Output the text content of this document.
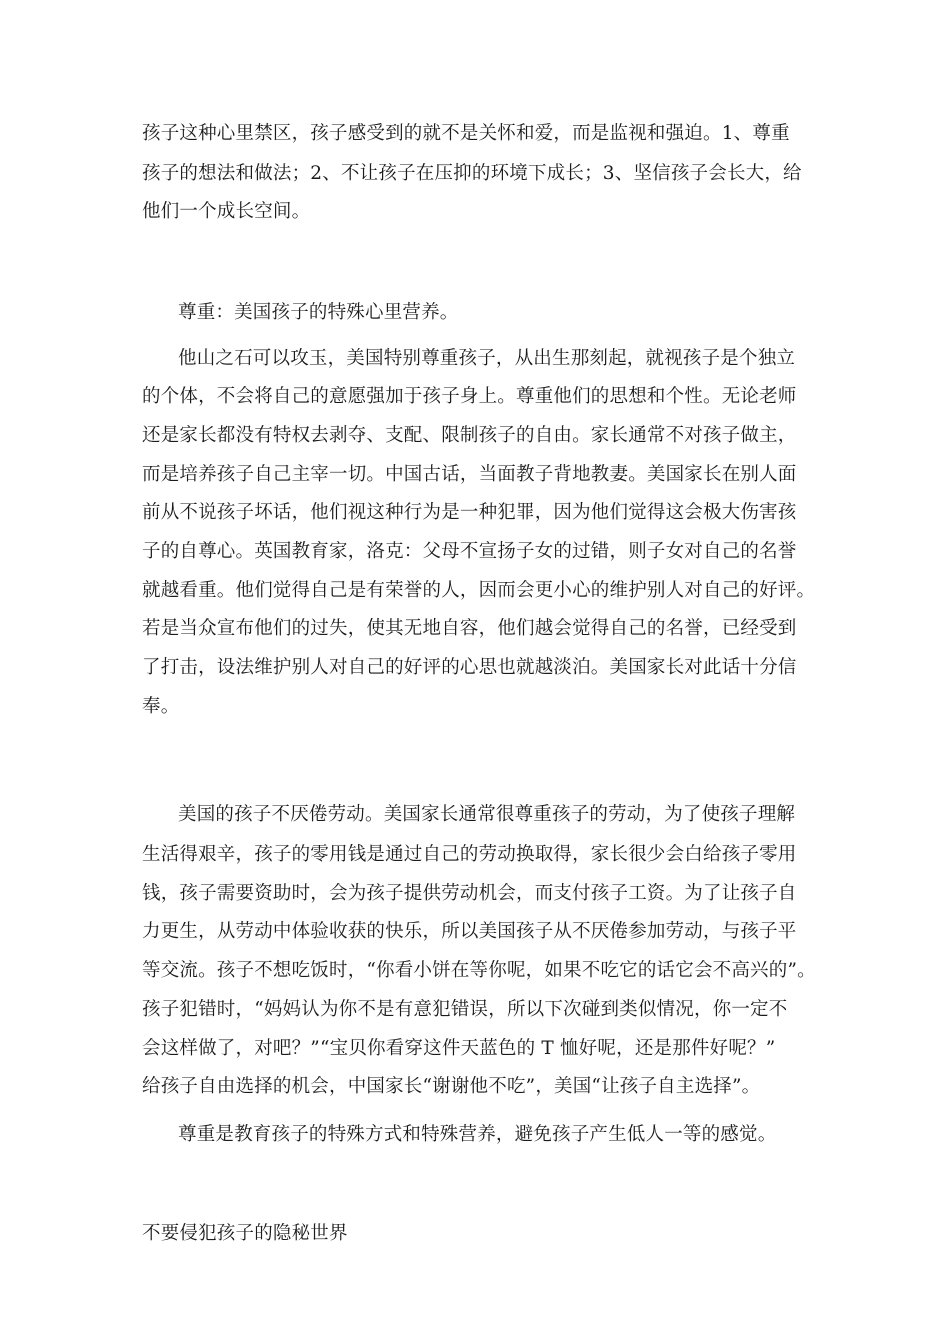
孩子这种心里禁区，孩子感受到的就不是关怀和爱，而是监视和强迫。1、尊重
孩子的想法和做法；2、不让孩子在压抑的环境下成长；3、坚信孩子会长大，给
他们一个成长空间。
尊重：美国孩子的特殊心里营养。
他山之石可以攻玉，美国特别尊重孩子，从出生那刻起，就视孩子是个独立
的个体，不会将自己的意愿强加于孩子身上。尊重他们的思想和个性。无论老师
还是家长都没有特权去剥夺、支配、限制孩子的自由。家长通常不对孩子做主，
而是培养孩子自己主宰一切。中国古话，当面教子背地教妻。美国家长在别人面
前从不说孩子坏话，他们视这种行为是一种犯罪，因为他们觉得这会极大伤害孩
子的自尊心。英国教育家，洛克：父母不宣扬子女的过错，则子女对自己的名誉
就越看重。他们觉得自己是有荣誉的人，因而会更小心的维护别人对自己的好评。
若是当众宣布他们的过失，使其无地自容，他们越会觉得自己的名誉，已经受到
了打击，设法维护别人对自己的好评的心思也就越淡泊。美国家长对此话十分信
奉。
美国的孩子不厌倦劳动。美国家长通常很尊重孩子的劳动，为了使孩子理解
生活得艰辛，孩子的零用钱是通过自己的劳动换取得，家长很少会白给孩子零用
钱，孩子需要资助时，会为孩子提供劳动机会，而支付孩子工资。为了让孩子自
力更生，从劳动中体验收获的快乐，所以美国孩子从不厌倦参加劳动，与孩子平
等交流。孩子不想吃饭时，“你看小饼在等你呢，如果不吃它的话它会不高兴的”。
孩子犯错时，“妈妈认为你不是有意犯错误，所以下次碰到类似情况，你一定不
会这样做了，对吧？”“宝贝你看穿这件天蓝色的 T 恤好呢，还是那件好呢？”
给孩子自由选择的机会，中国家长“谢谢他不吃”，美国“让孩子自主选择”。
尊重是教育孩子的特殊方式和特殊营养，避免孩子产生低人一等的感觉。
不要侵犯孩子的隐秘世界
